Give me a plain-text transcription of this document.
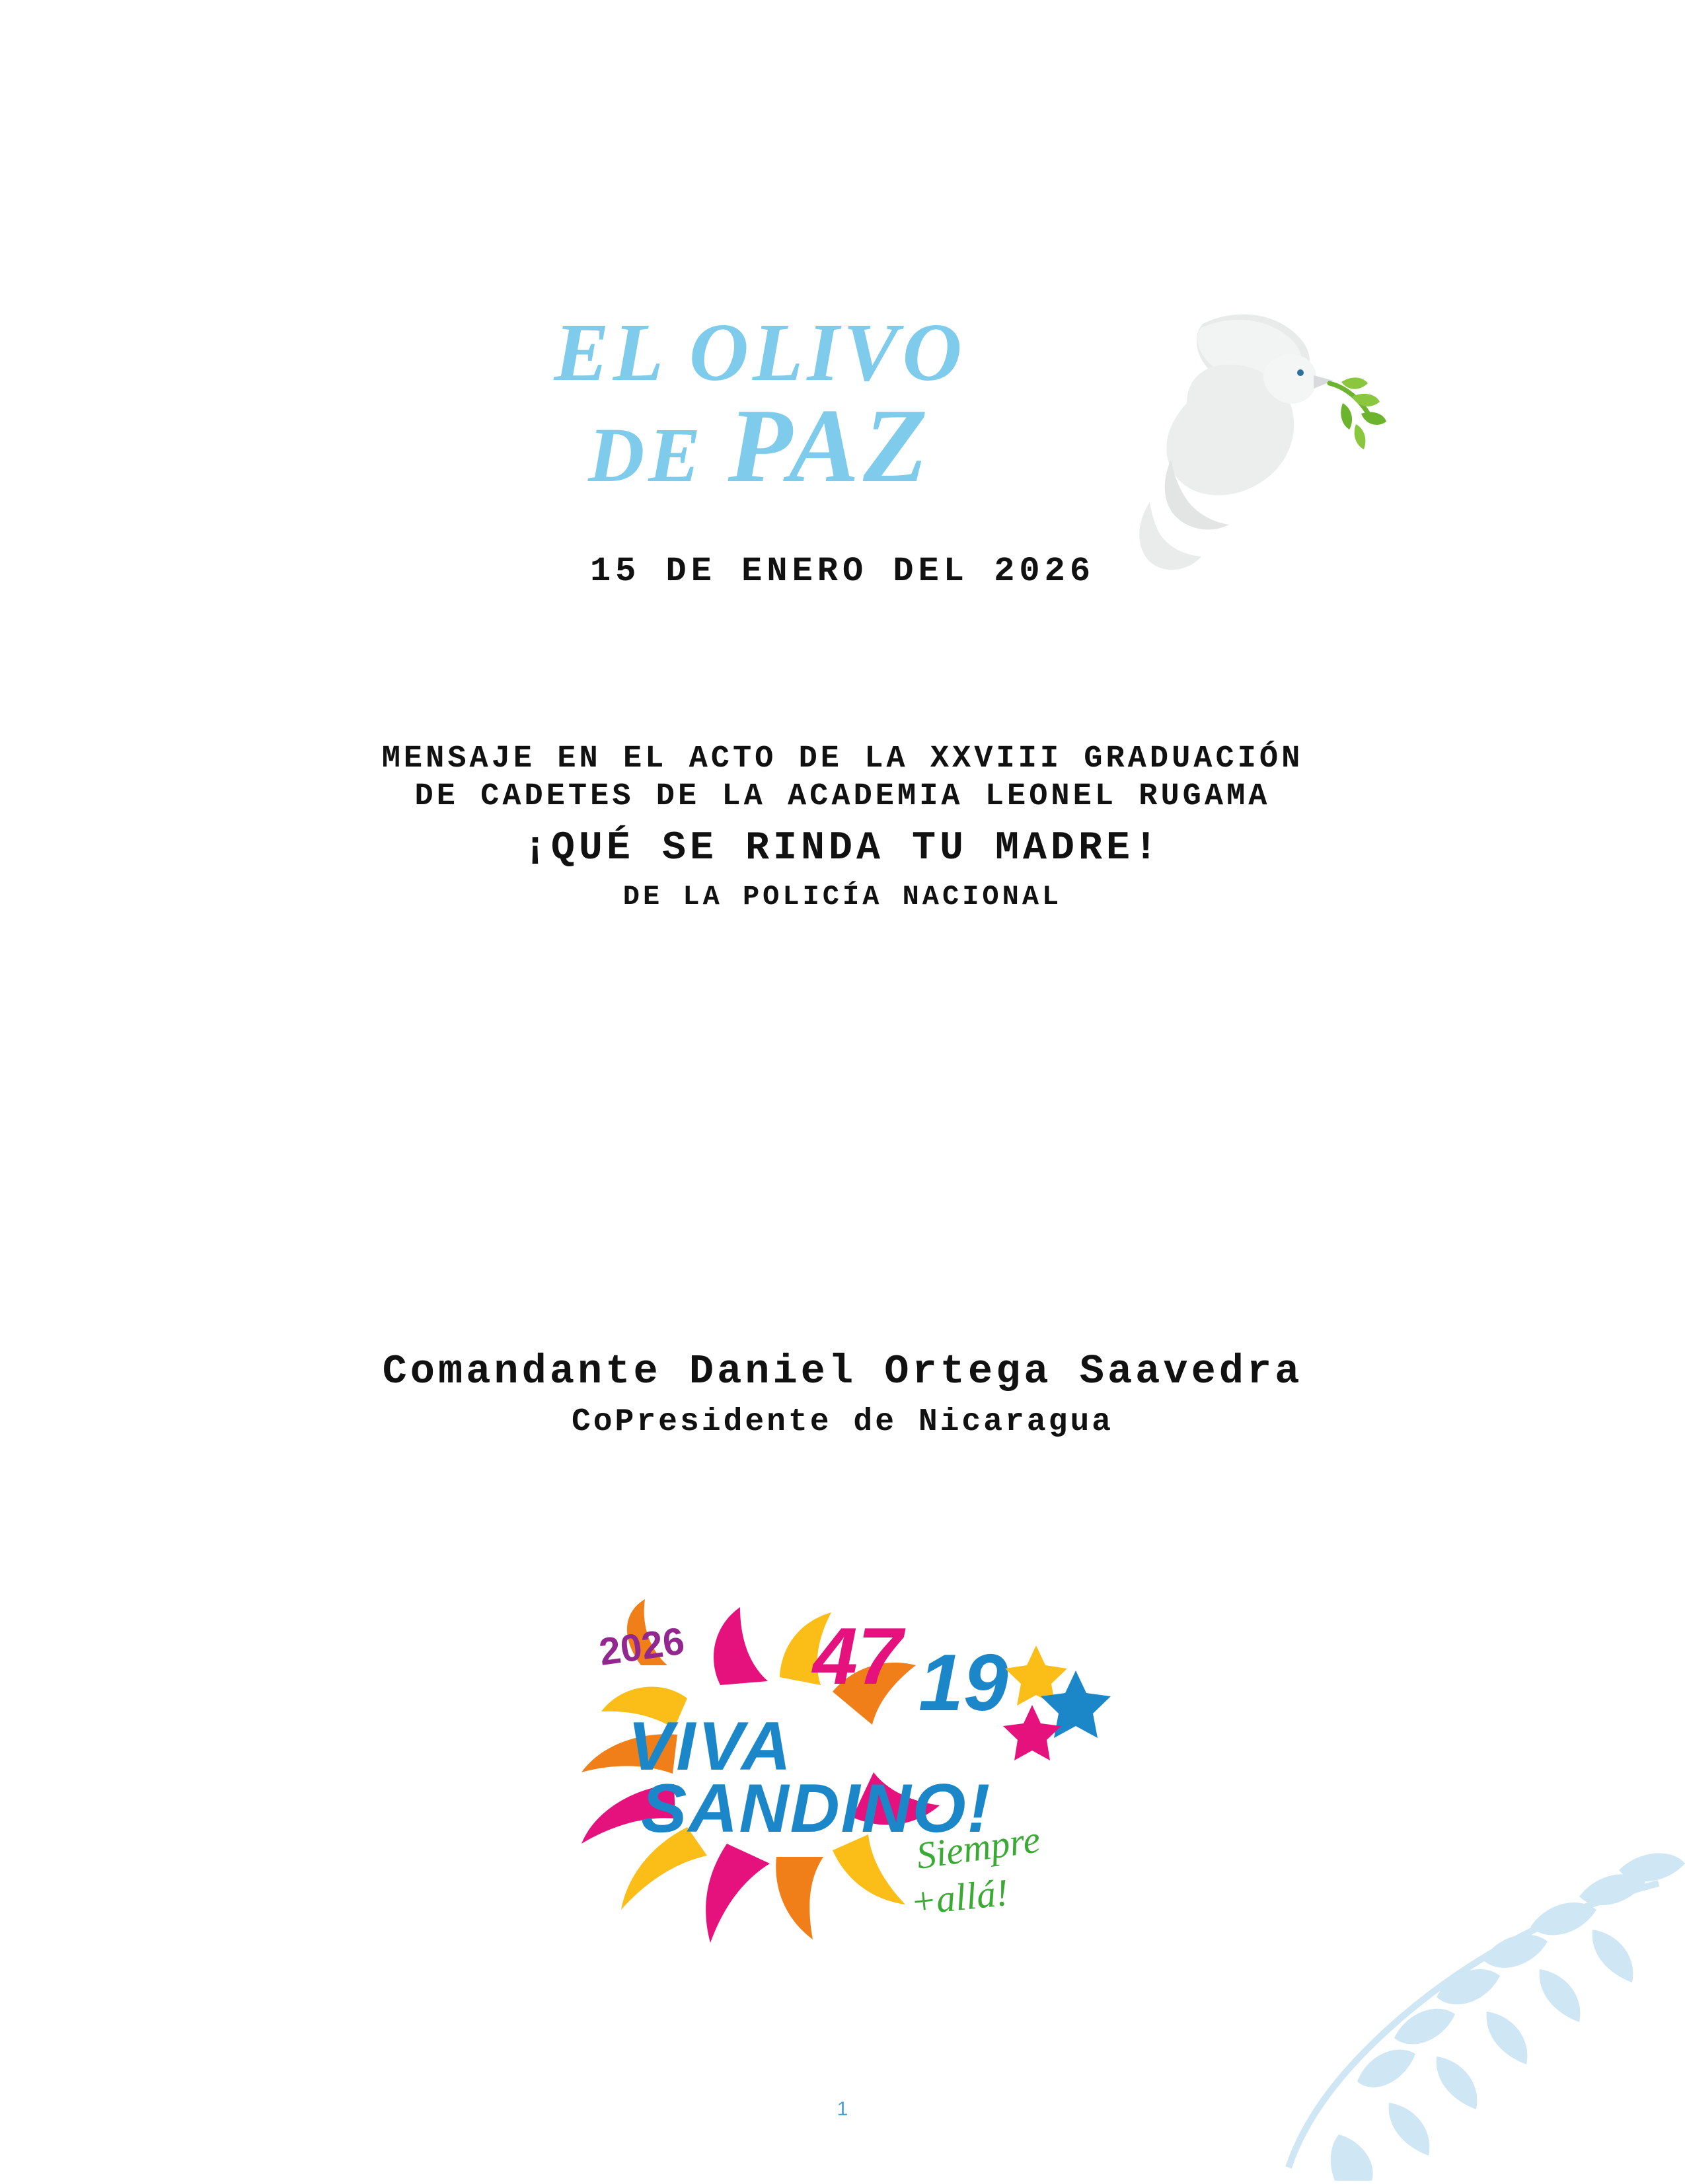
EL OLIVO
DE PAZ
15 DE ENERO DEL 2026
MENSAJE EN EL ACTO DE LA XXVIII GRADUACIÓN
DE CADETES DE LA ACADEMIA LEONEL RUGAMA
¡QUÉ SE RINDA TU MADRE!
DE LA POLICÍA NACIONAL
Comandante Daniel Ortega Saavedra
CoPresidente de Nicaragua
2026 47 19
VIVA
SANDINO!
Siempre
+allá!
1
